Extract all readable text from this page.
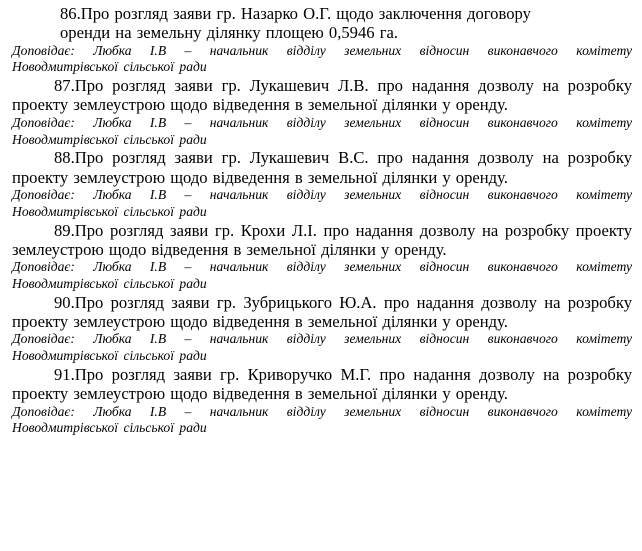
86.Про розгляд заяви гр. Назарко О.Г. щодо заключення договору
оренди на земельну ділянку площею 0,5946 га.

Доповідає: Любка І.В – начальник відділу земельних відносин виконавчого комітету
Новодмитрівської сільської ради

87.Про розгляд заяви гр. Лукашевич Л.В. про надання дозволу на розробку проекту землеустрою щодо відведення в земельної ділянки у оренду.

Доповідає: Любка І.В – начальник відділу земельних відносин виконавчого комітету
Новодмитрівської сільської ради

88.Про розгляд заяви гр. Лукашевич В.С. про надання дозволу на розробку проекту землеустрою щодо відведення в земельної ділянки у оренду.

Доповідає: Любка І.В – начальник відділу земельних відносин виконавчого комітету
Новодмитрівської сільської ради

89.Про розгляд заяви гр. Крохи Л.І. про надання дозволу на розробку проекту землеустрою щодо відведення в земельної ділянки у оренду.

Доповідає: Любка І.В – начальник відділу земельних відносин виконавчого комітету
Новодмитрівської сільської ради

90.Про розгляд заяви гр. Зубрицького Ю.А. про надання дозволу на розробку проекту землеустрою щодо відведення в земельної ділянки у оренду.

Доповідає: Любка І.В – начальник відділу земельних відносин виконавчого комітету
Новодмитрівської сільської ради

91.Про розгляд заяви гр. Криворучко М.Г. про надання дозволу на розробку проекту землеустрою щодо відведення в земельної ділянки у оренду.

Доповідає: Любка І.В – начальник відділу земельних відносин виконавчого комітету
Новодмитрівської сільської ради
